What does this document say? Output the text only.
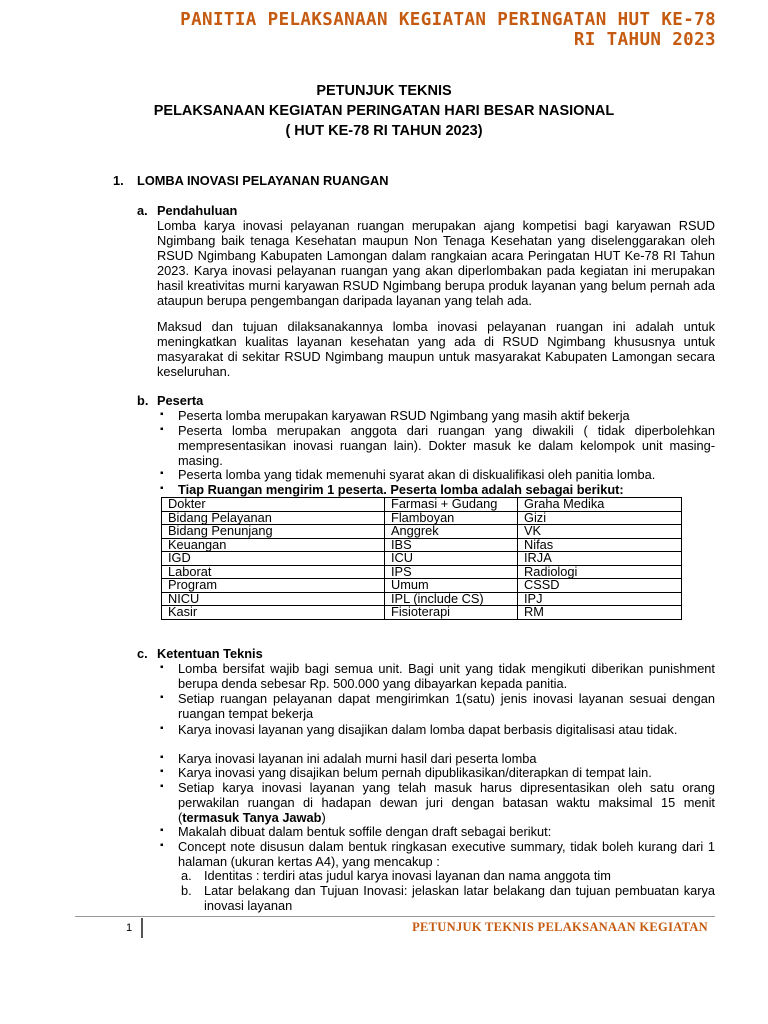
PANITIA PELAKSANAAN KEGIATAN PERINGATAN HUT KE-78
RI TAHUN 2023
PETUNJUK TEKNIS
PELAKSANAAN KEGIATAN PERINGATAN HARI BESAR NASIONAL
( HUT KE-78 RI TAHUN 2023)
1. LOMBA INOVASI PELAYANAN RUANGAN
a. Pendahuluan
Lomba karya inovasi pelayanan ruangan merupakan ajang kompetisi bagi karyawan RSUD Ngimbang baik tenaga Kesehatan maupun Non Tenaga Kesehatan yang diselenggarakan oleh RSUD Ngimbang Kabupaten Lamongan dalam rangkaian acara Peringatan HUT Ke-78 RI Tahun 2023. Karya inovasi pelayanan ruangan yang akan diperlombakan pada kegiatan ini merupakan hasil kreativitas murni karyawan RSUD Ngimbang berupa produk layanan yang belum pernah ada ataupun berupa pengembangan daripada layanan yang telah ada.
Maksud dan tujuan dilaksanakannya lomba inovasi pelayanan ruangan ini adalah untuk meningkatkan kualitas layanan kesehatan yang ada di RSUD Ngimbang khususnya untuk masyarakat di sekitar RSUD Ngimbang maupun untuk masyarakat Kabupaten Lamongan secara keseluruhan.
b. Peserta
▪ Peserta lomba merupakan karyawan RSUD Ngimbang yang masih aktif bekerja
▪ Peserta lomba merupakan anggota dari ruangan yang diwakili ( tidak diperbolehkan mempresentasikan inovasi ruangan lain). Dokter masuk ke dalam kelompok unit masing-masing.
▪ Peserta lomba yang tidak memenuhi syarat akan di diskualifikasi oleh panitia lomba.
▪ Tiap Ruangan mengirim 1 peserta. Peserta lomba adalah sebagai berikut:
Dokter	Farmasi + Gudang	Graha Medika
Bidang Pelayanan	Flamboyan	Gizi
Bidang Penunjang	Anggrek	VK
Keuangan	IBS	Nifas
IGD	ICU	IRJA
Laborat	IPS	Radiologi
Program	Umum	CSSD
NICU	IPL (include CS)	IPJ
Kasir	Fisioterapi	RM
c. Ketentuan Teknis
▪ Lomba bersifat wajib bagi semua unit. Bagi unit yang tidak mengikuti diberikan punishment berupa denda sebesar Rp. 500.000 yang dibayarkan kepada panitia.
▪ Setiap ruangan pelayanan dapat mengirimkan 1(satu) jenis inovasi layanan sesuai dengan ruangan tempat bekerja
▪ Karya inovasi layanan yang disajikan dalam lomba dapat berbasis digitalisasi atau tidak.
▪ Karya inovasi layanan ini adalah murni hasil dari peserta lomba
▪ Karya inovasi yang disajikan belum pernah dipublikasikan/diterapkan di tempat lain.
▪ Setiap karya inovasi layanan yang telah masuk harus dipresentasikan oleh satu orang perwakilan ruangan di hadapan dewan juri dengan batasan waktu maksimal 15 menit (termasuk Tanya Jawab)
▪ Makalah dibuat dalam bentuk soffile dengan draft sebagai berikut:
▪ Concept note disusun dalam bentuk ringkasan executive summary, tidak boleh kurang dari 1 halaman (ukuran kertas A4), yang mencakup :
a. Identitas : terdiri atas judul karya inovasi layanan dan nama anggota tim
b. Latar belakang dan Tujuan Inovasi: jelaskan latar belakang dan tujuan pembuatan karya inovasi layanan
1	PETUNJUK TEKNIS PELAKSANAAN KEGIATAN
